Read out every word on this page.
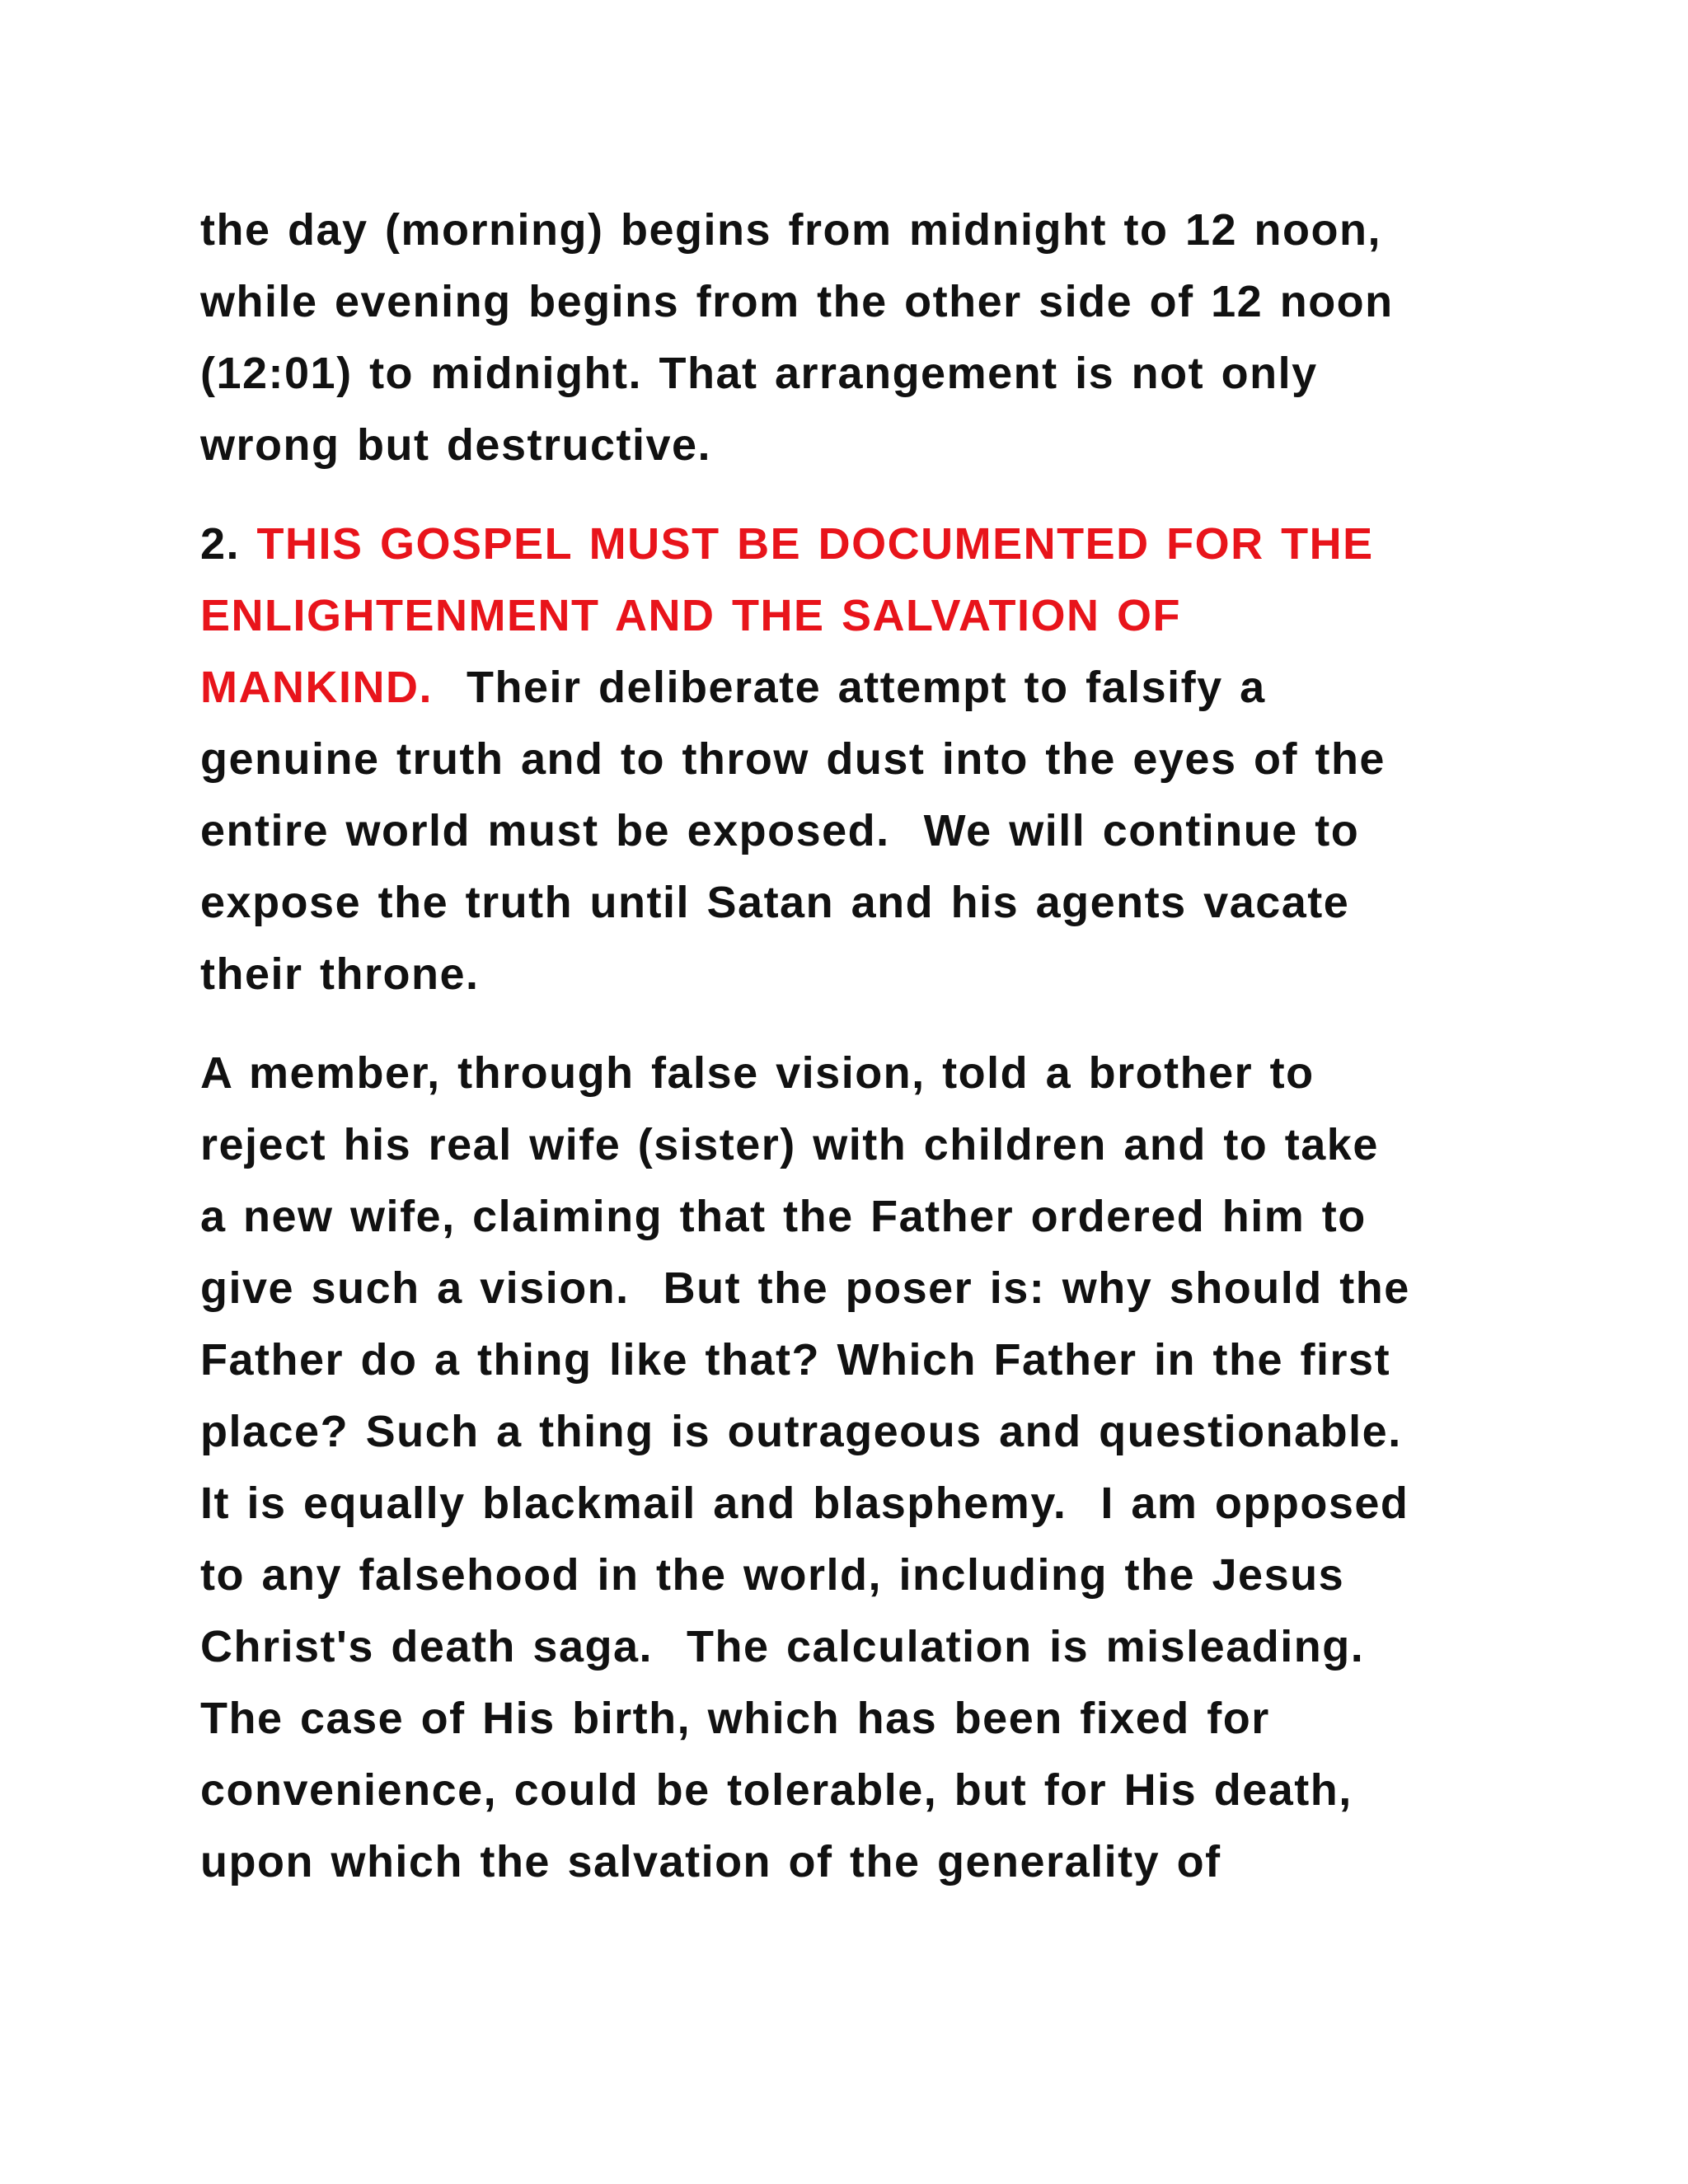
the day (morning) begins from midnight to 12 noon,
while evening begins from the other side of 12 noon
(12:01) to midnight. That arrangement is not only
wrong but destructive.
2. THIS GOSPEL MUST BE DOCUMENTED FOR THE
ENLIGHTENMENT AND THE SALVATION OF
MANKIND.  Their deliberate attempt to falsify a
genuine truth and to throw dust into the eyes of the
entire world must be exposed.  We will continue to
expose the truth until Satan and his agents vacate
their throne.
A member, through false vision, told a brother to
reject his real wife (sister) with children and to take
a new wife, claiming that the Father ordered him to
give such a vision.  But the poser is: why should the
Father do a thing like that? Which Father in the first
place? Such a thing is outrageous and questionable.
It is equally blackmail and blasphemy.  I am opposed
to any falsehood in the world, including the Jesus
Christ's death saga.  The calculation is misleading.
The case of His birth, which has been fixed for
convenience, could be tolerable, but for His death,
upon which the salvation of the generality of
